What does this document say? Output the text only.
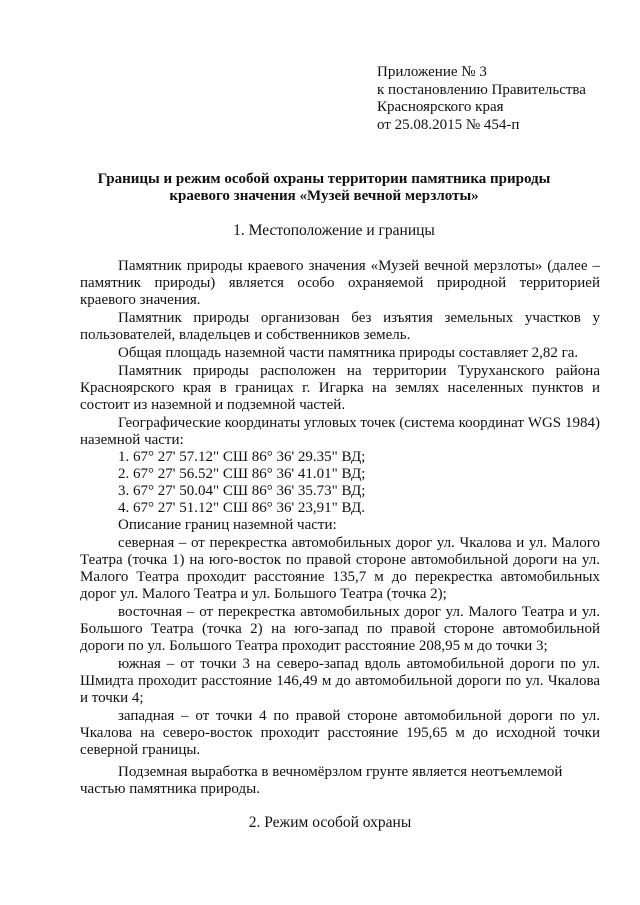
Приложение № 3
к постановлению Правительства
Красноярского края
от 25.08.2015 № 454-п
Границы и режим особой охраны территории памятника природы
краевого значения «Музей вечной мерзлоты»
1. Местоположение и границы

Памятник природы краевого значения «Музей вечной мерзлоты» (далее – памятник природы) является особо охраняемой природной территорией краевого значения.

Памятник природы организован без изъятия земельных участков у пользователей, владельцев и собственников земель.

Общая площадь наземной части памятника природы составляет 2,82 га.

Памятник природы расположен на территории Туруханского района Красноярского края в границах г. Игарка на землях населенных пунктов и состоит из наземной и подземной частей.

Географические координаты угловых точек (система координат WGS 1984) наземной части:

1. 67° 27' 57.12" СШ 86° 36' 29.35" ВД;

2. 67° 27' 56.52" СШ 86° 36' 41.01" ВД;

3. 67° 27' 50.04" СШ 86° 36' 35.73" ВД;

4. 67° 27' 51.12" СШ 86° 36' 23,91" ВД.

Описание границ наземной части:

северная – от перекрестка автомобильных дорог ул. Чкалова и ул. Малого Театра (точка 1) на юго-восток по правой стороне автомобильной дороги на ул. Малого Театра проходит расстояние 135,7 м до перекрестка автомобильных дорог ул. Малого Театра и ул. Большого Театра (точка 2);

восточная – от перекрестка автомобильных дорог ул. Малого Театра и ул. Большого Театра (точка 2) на юго-запад по правой стороне автомобильной дороги по ул. Большого Театра проходит расстояние 208,95 м до точки 3;

южная – от точки 3 на северо-запад вдоль автомобильной дороги по ул. Шмидта проходит расстояние 146,49 м до автомобильной дороги по ул. Чкалова и точки 4;

западная – от точки 4 по правой стороне автомобильной дороги по ул. Чкалова на северо-восток проходит расстояние 195,65 м до исходной точки северной границы.

Подземная выработка в вечномёрзлом грунте является неотъемлемой частью памятника природы.

2. Режим особой охраны
